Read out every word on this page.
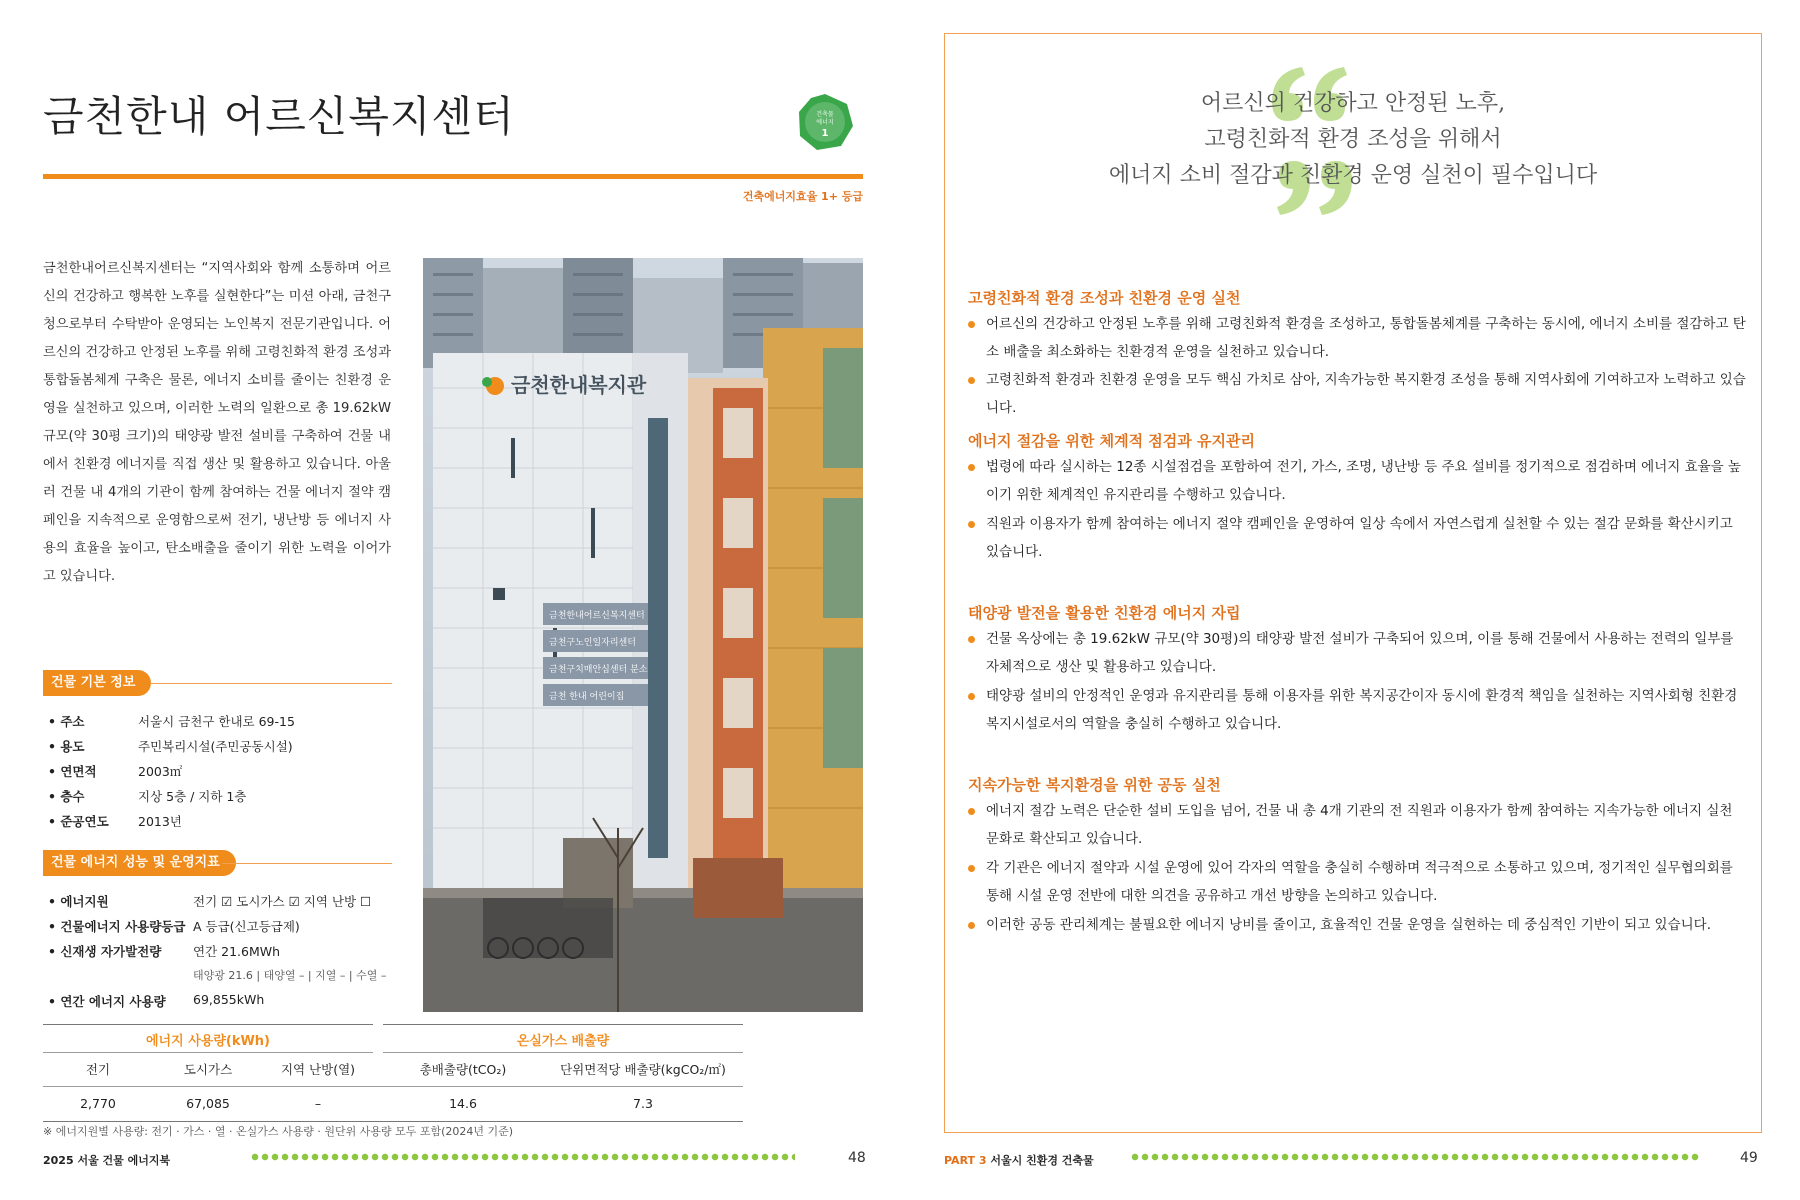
금천한내 어르신복지센터	건축물
에너지
1
건축에너지효율 1+ 등급
금천한내어르신복지센터는 “지역사회와 함께 소통하며 어르신의 건강하고 행복한 노후를 실현한다”는 미션 아래, 금천구청으로부터 수탁받아 운영되는 노인복지 전문기관입니다. 어르신의 건강하고 안정된 노후를 위해 고령친화적 환경 조성과 통합돌봄체계 구축은 물론, 에너지 소비를 줄이는 친환경 운영을 실천하고 있으며, 이러한 노력의 일환으로 총 19.62kW 규모(약 30평 크기)의 태양광 발전 설비를 구축하여 건물 내에서 친환경 에너지를 직접 생산 및 활용하고 있습니다. 아울러 건물 내 4개의 기관이 함께 참여하는 건물 에너지 절약 캠페인을 지속적으로 운영함으로써 전기, 냉난방 등 에너지 사용의 효율을 높이고, 탄소배출을 줄이기 위한 노력을 이어가고 있습니다.
금천한내복지관
금천한내어르신복지센터
금천구노인일자리센터
금천구치매안심센터 분소
금천 한내 어린이집
건물 기본 정보
• 주소	서울시 금천구 한내로 69-15
• 용도	주민복리시설(주민공동시설)
• 연면적	2003㎡
• 층수	지상 5층 / 지하 1층
• 준공연도 2013년
건물 에너지 성능 및 운영지표
• 에너지원	전기 ☑ 도시가스 ☑ 지역 난방 ☐
• 건물에너지 사용량등급 A 등급(신고등급제)
• 신재생 자가발전량	연간 21.6MWh
태양광 21.6 | 태양열 – | 지열 – | 수열 –
• 연간 에너지 사용량 69,855kWh
에너지 사용량(kWh)	온실가스 배출량
전기	도시가스	지역 난방(열)	총배출량(tCO₂)	단위면적당 배출량(kgCO₂/㎡)
2,770	67,085	–	14.6	7.3
※ 에너지원별 사용량: 전기 · 가스 · 열 · 온실가스 사용량 · 원단위 사용량 모두 포함(2024년 기준)
2025 서울 건물 에너지북	48
어르신의 건강하고 안정된 노후,
고령친화적 환경 조성을 위해서
에너지 소비 절감과 친환경 운영 실천이 필수입니다
고령친화적 환경 조성과 친환경 운영 실천
어르신의 건강하고 안정된 노후를 위해 고령친화적 환경을 조성하고, 통합돌봄체계를 구축하는 동시에, 에너지 소비를 절감하고 탄소 배출을 최소화하는 친환경적 운영을 실천하고 있습니다.
고령친화적 환경과 친환경 운영을 모두 핵심 가치로 삼아, 지속가능한 복지환경 조성을 통해 지역사회에 기여하고자 노력하고 있습니다.
에너지 절감을 위한 체계적 점검과 유지관리
법령에 따라 실시하는 12종 시설점검을 포함하여 전기, 가스, 조명, 냉난방 등 주요 설비를 정기적으로 점검하며 에너지 효율을 높이기 위한 체계적인 유지관리를 수행하고 있습니다.
직원과 이용자가 함께 참여하는 에너지 절약 캠페인을 운영하여 일상 속에서 자연스럽게 실천할 수 있는 절감 문화를 확산시키고 있습니다.
태양광 발전을 활용한 친환경 에너지 자립
건물 옥상에는 총 19.62kW 규모(약 30평)의 태양광 발전 설비가 구축되어 있으며, 이를 통해 건물에서 사용하는 전력의 일부를 자체적으로 생산 및 활용하고 있습니다.
태양광 설비의 안정적인 운영과 유지관리를 통해 이용자를 위한 복지공간이자 동시에 환경적 책임을 실천하는 지역사회형 친환경 복지시설로서의 역할을 충실히 수행하고 있습니다.
지속가능한 복지환경을 위한 공동 실천
에너지 절감 노력은 단순한 설비 도입을 넘어, 건물 내 총 4개 기관의 전 직원과 이용자가 함께 참여하는 지속가능한 에너지 실천 문화로 확산되고 있습니다.
각 기관은 에너지 절약과 시설 운영에 있어 각자의 역할을 충실히 수행하며 적극적으로 소통하고 있으며, 정기적인 실무협의회를 통해 시설 운영 전반에 대한 의견을 공유하고 개선 방향을 논의하고 있습니다.
이러한 공동 관리체계는 불필요한 에너지 낭비를 줄이고, 효율적인 건물 운영을 실현하는 데 중심적인 기반이 되고 있습니다.
PART 3 서울시 친환경 건축물	49
